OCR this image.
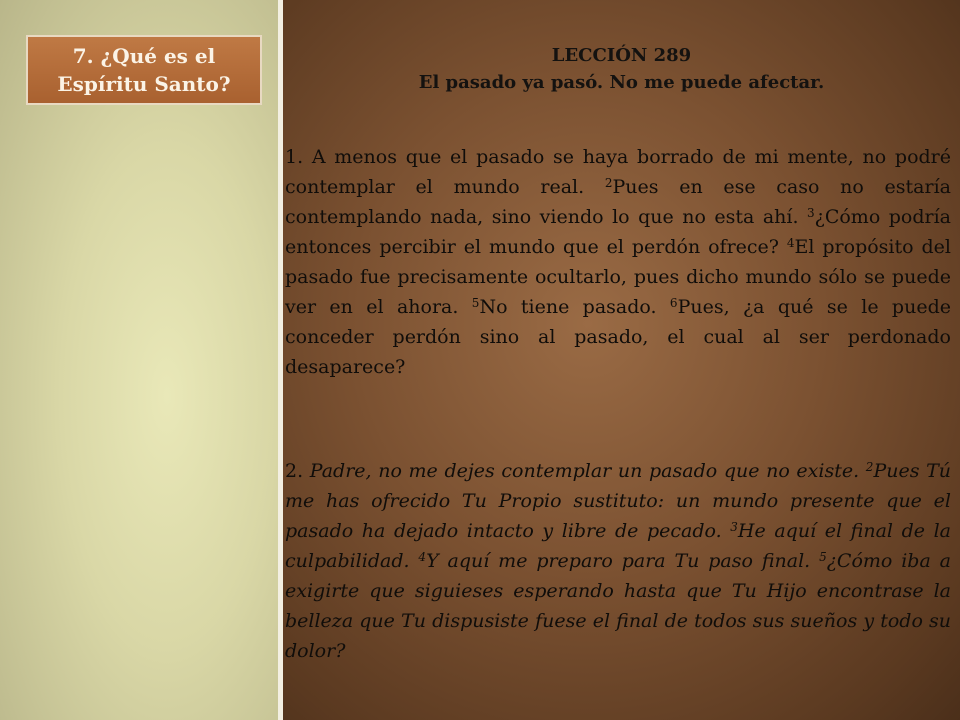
7. ¿Qué es el Espíritu Santo?
LECCIÓN 289
El pasado ya pasó. No me puede afectar.
1. A menos que el pasado se haya borrado de mi mente, no podré contemplar el mundo real. $^2$Pues en ese caso no estaría contemplando nada, sino viendo lo que no esta ahí. $^3$¿Cómo podría entonces percibir el mundo que el perdón ofrece? $^4$El propósito del pasado fue precisamente ocultarlo, pues dicho mundo sólo se puede ver en el ahora. $^5$No tiene pasado. $^6$Pues, ¿a qué se le puede conceder perdón sino al pasado, el cual al ser perdonado desaparece?
2. Padre, no me dejes contemplar un pasado que no existe. $^2$Pues Tú me has ofrecido Tu Propio sustituto: un mundo presente que el pasado ha dejado intacto y libre de pecado. $^3$He aquí el final de la culpabilidad. $^4$Y aquí me preparo para Tu paso final. $^5$¿Cómo iba a exigirte que siguieses esperando hasta que Tu Hijo encontrase la belleza que Tu dispusiste fuese el final de todos sus sueños y todo su dolor?
